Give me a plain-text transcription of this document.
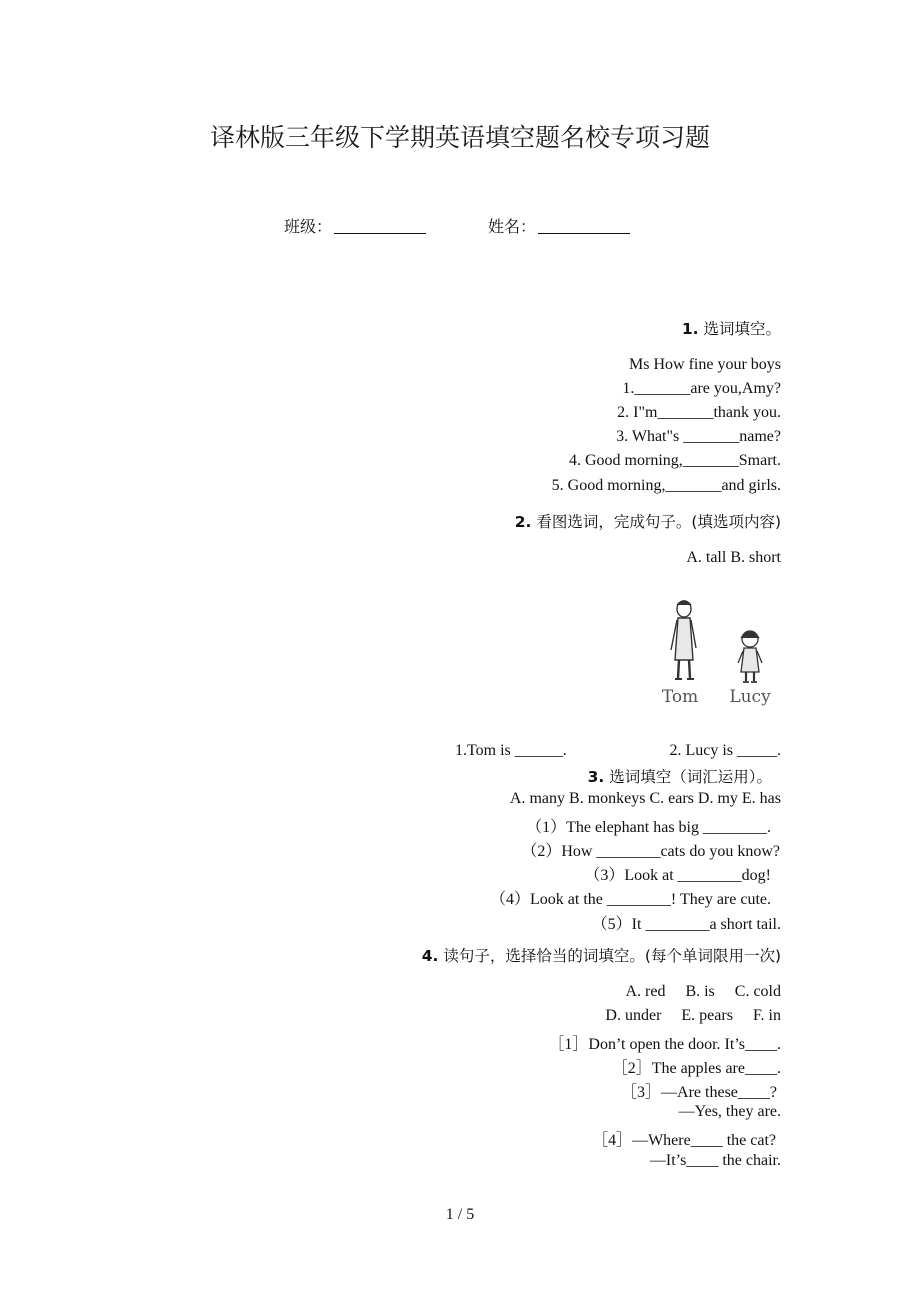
译林版三年级下学期英语填空题名校专项习题
班级：	姓名：
1. 选词填空。
Ms How fine your boys
1._______are you,Amy?
2. I"m_______thank you.
3. What"s _______name?
4. Good morning,_______Smart.
5. Good morning,_______and girls.
2. 看图选词，完成句子。(填选项内容)
A. tall B. short
Tom Lucy
1.Tom is ______.	2. Lucy is _____.
3. 选词填空（词汇运用）。
A. many B. monkeys C. ears D. my E. has
（1）The elephant has big ________.
（2）How ________cats do you know?
（3）Look at ________dog!
（4）Look at the ________! They are cute.
（5）It ________a short tail.
4. 读句子，选择恰当的词填空。(每个单词限用一次)
A. red     B. is     C. cold
D. under     E. pears     F. in
［1］Don’t open the door. It’s____.
［2］The apples are____.
［3］—Are these____?
—Yes, they are.
［4］—Where____ the cat?
—It’s____ the chair.
1 / 5
